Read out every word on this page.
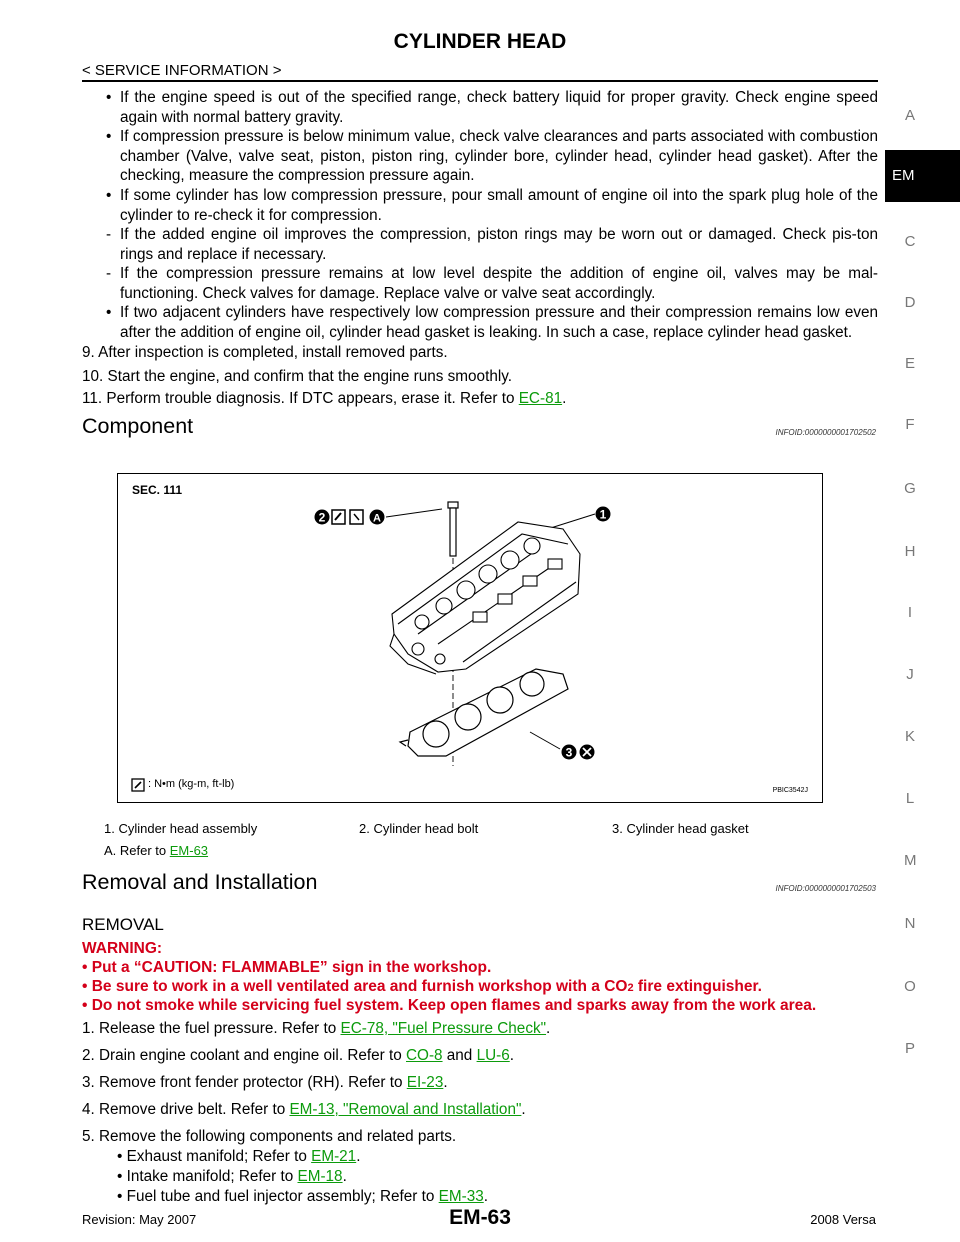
CYLINDER HEAD
< SERVICE INFORMATION >
A
EM
C
D
E
F
G
H
I
J
K
L
M
N
O
P
• If the engine speed is out of the specified range, check battery liquid for proper gravity. Check engine speed again with normal battery gravity.
• If compression pressure is below minimum value, check valve clearances and parts associated with combustion chamber (Valve, valve seat, piston, piston ring, cylinder bore, cylinder head, cylinder head gasket). After the checking, measure the compression pressure again.
• If some cylinder has low compression pressure, pour small amount of engine oil into the spark plug hole of the cylinder to re-check it for compression.
- If the added engine oil improves the compression, piston rings may be worn out or damaged. Check pis-ton rings and replace if necessary.
- If the compression pressure remains at low level despite the addition of engine oil, valves may be mal-functioning. Check valves for damage. Replace valve or valve seat accordingly.
• If two adjacent cylinders have respectively low compression pressure and their compression remains low even after the addition of engine oil, cylinder head gasket is leaking. In such a case, replace cylinder head gasket.
9. After inspection is completed, install removed parts.
10. Start the engine, and confirm that the engine runs smoothly.
11. Perform trouble diagnosis. If DTC appears, erase it. Refer to EC-81.
Component	INFOID:0000000001702502
SEC. 111
2	A	1
3
: N•m (kg-m, ft-lb)
PBIC3542J
1. Cylinder head assembly	2. Cylinder head bolt	3. Cylinder head gasket
A. Refer to EM-63
Removal and Installation	INFOID:0000000001702503
REMOVAL
WARNING:
• Put a “CAUTION: FLAMMABLE” sign in the workshop.
• Be sure to work in a well ventilated area and furnish workshop with a CO2 fire extinguisher.
• Do not smoke while servicing fuel system. Keep open flames and sparks away from the work area.
1. Release the fuel pressure. Refer to EC-78, "Fuel Pressure Check".
2. Drain engine coolant and engine oil. Refer to CO-8 and LU-6.
3. Remove front fender protector (RH). Refer to EI-23.
4. Remove drive belt. Refer to EM-13, "Removal and Installation".
5. Remove the following components and related parts.
• Exhaust manifold; Refer to EM-21.
• Intake manifold; Refer to EM-18.
• Fuel tube and fuel injector assembly; Refer to EM-33.
Revision: May 2007	EM-63	2008 Versa
